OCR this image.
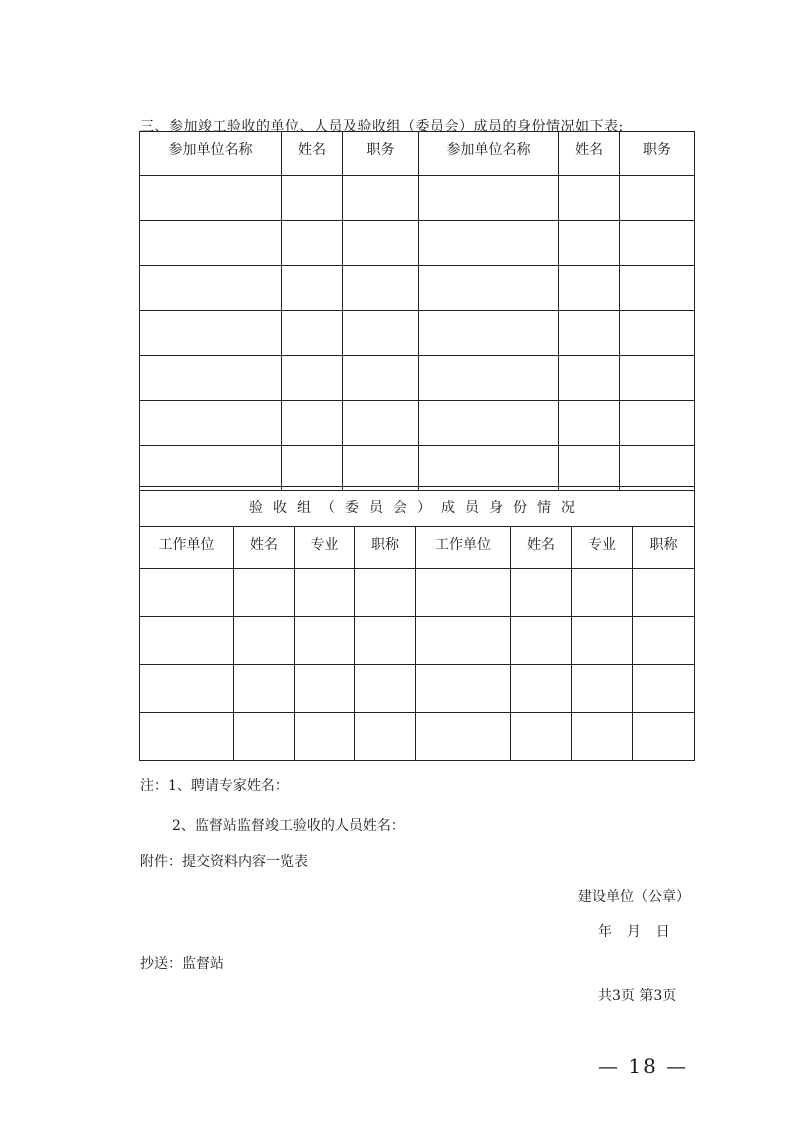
三、参加竣工验收的单位、人员及验收组（委员会）成员的身份情况如下表:
参加单位名称	姓名	职务	参加单位名称	姓名	职务

验收组（委员会）成员身份情况							
工作单位	姓名	专业	职称	工作单位	姓名	专业	职称

注：1、聘请专家姓名：
2、监督站监督竣工验收的人员姓名：
附件：提交资料内容一览表
建设单位（公章）
年  月  日
抄送：监督站
共3页 第3页
— 18 —
